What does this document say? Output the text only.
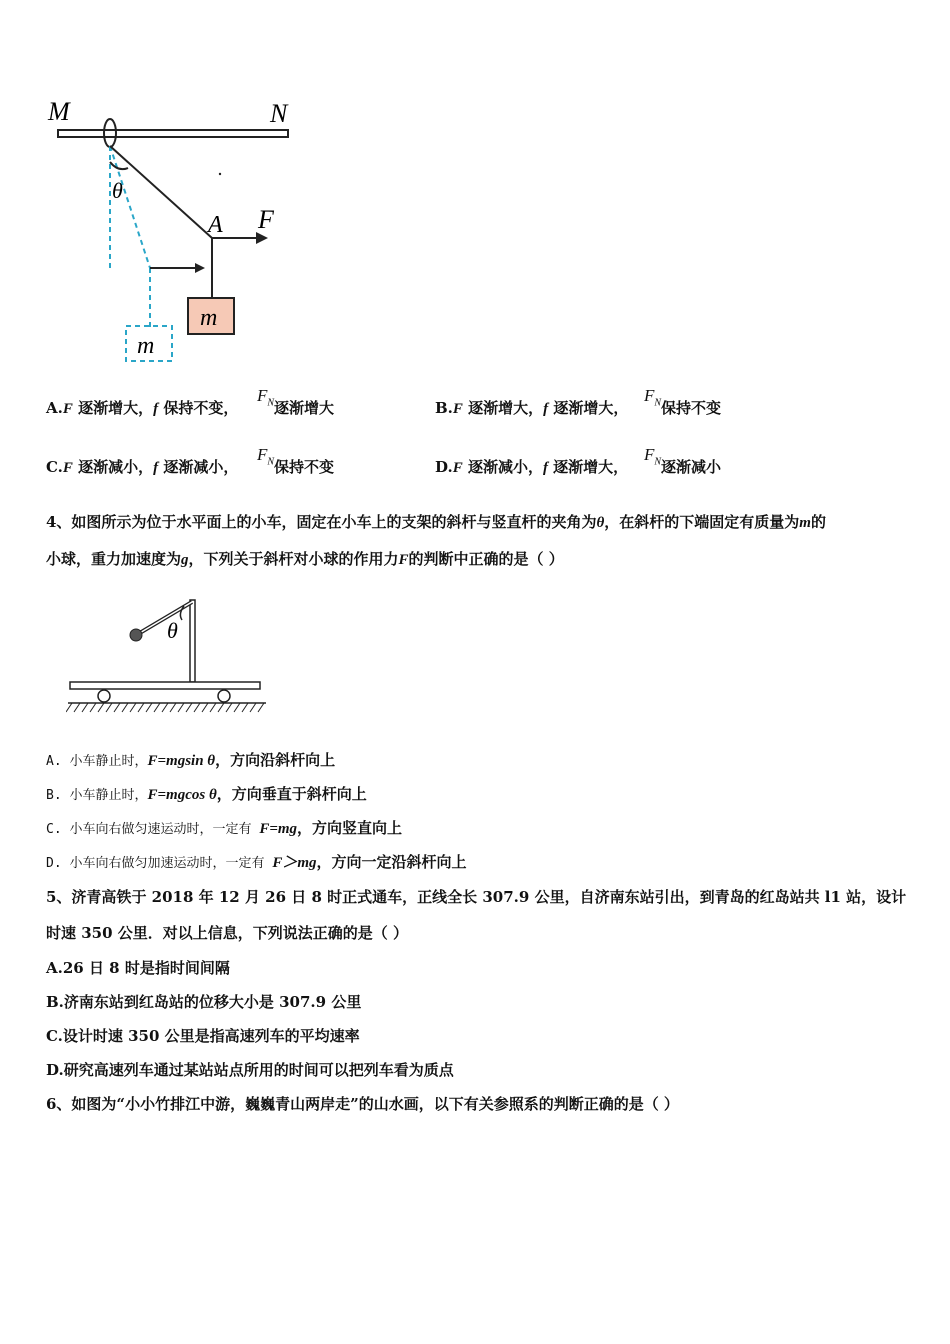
M	N
θ
A F
m
m
A.F 逐渐增大，f 保持不变，
$F_N$ 逐渐增大	B.F 逐渐增大，f 逐渐增大，
$F_N$ 保持不变
C.F 逐渐减小，f 逐渐减小，
$F_N$ 保持不变	D.F 逐渐减小，f 逐渐增大，
$F_N$ 逐渐减小
4、如图所示为位于水平面上的小车，固定在小车上的支架的斜杆与竖直杆的夹角为θ，在斜杆的下端固定有质量为m的
小球，重力加速度为g，下列关于斜杆对小球的作用力F的判断中正确的是（ ）
θ
A. 小车静止时，F=mgsin θ，方向沿斜杆向上
B. 小车静止时，F=mgcos θ，方向垂直于斜杆向上
C. 小车向右做匀速运动时，一定有 F=mg，方向竖直向上
D. 小车向右做匀加速运动时，一定有 F＞mg，方向一定沿斜杆向上
5、济青高铁于 2018 年 12 月 26 日 8 时正式通车，正线全长 307.9 公里，自济南东站引出，到青岛的红岛站共 l1 站，设计
时速 350 公里．对以上信息，下列说法正确的是（ ）
A.26 日 8 时是指时间间隔
B.济南东站到红岛站的位移大小是 307.9 公里
C.设计时速 350 公里是指高速列车的平均速率
D.研究高速列车通过某站站点所用的时间可以把列车看为质点
6、如图为“小小竹排江中游，巍巍青山两岸走”的山水画，以下有关参照系的判断正确的是（ ）
